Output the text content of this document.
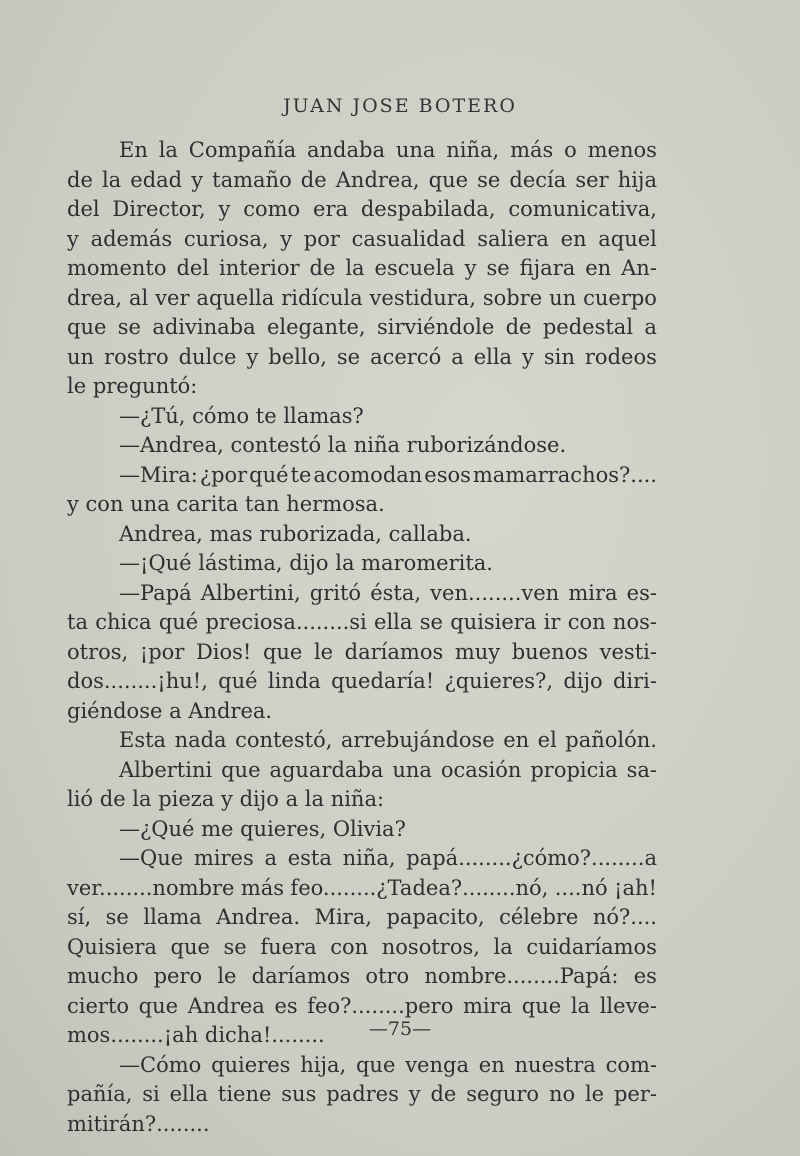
JUAN JOSE BOTERO
En la Compañía andaba una niña, más o menos
de la edad y tamaño de Andrea, que se decía ser hija
del Director, y como era despabilada, comunicativa,
y además curiosa, y por casualidad saliera en aquel
momento del interior de la escuela y se fijara en An-
drea, al ver aquella ridícula vestidura, sobre un cuerpo
que se adivinaba elegante, sirviéndole de pedestal a
un rostro dulce y bello, se acercó a ella y sin rodeos
le preguntó:
—¿Tú, cómo te llamas?
—Andrea, contestó la niña ruborizándose.
—Mira: ¿por qué te acomodan esos mamarrachos?....
y con una carita tan hermosa.
Andrea, mas ruborizada, callaba.
—¡Qué lástima, dijo la maromerita.
—Papá Albertini, gritó ésta, ven........ven mira es-
ta chica qué preciosa........si ella se quisiera ir con nos-
otros, ¡por Dios! que le daríamos muy buenos vesti-
dos........¡hu!, qué linda quedaría! ¿quieres?, dijo diri-
giéndose a Andrea.
Esta nada contestó, arrebujándose en el pañolón.
Albertini que aguardaba una ocasión propicia sa-
lió de la pieza y dijo a la niña:
—¿Qué me quieres, Olivia?
—Que mires a esta niña, papá........¿cómo?........a
ver........nombre más feo........¿Tadea?........nó, ....nó ¡ah!
sí, se llama Andrea. Mira, papacito, célebre nó?....
Quisiera que se fuera con nosotros, la cuidaríamos
mucho pero le daríamos otro nombre........Papá: es
cierto que Andrea es feo?........pero mira que la lleve-
mos........¡ah dicha!........
—Cómo quieres hija, que venga en nuestra com-
pañía, si ella tiene sus padres y de seguro no le per-
mitirán?........
—75—
